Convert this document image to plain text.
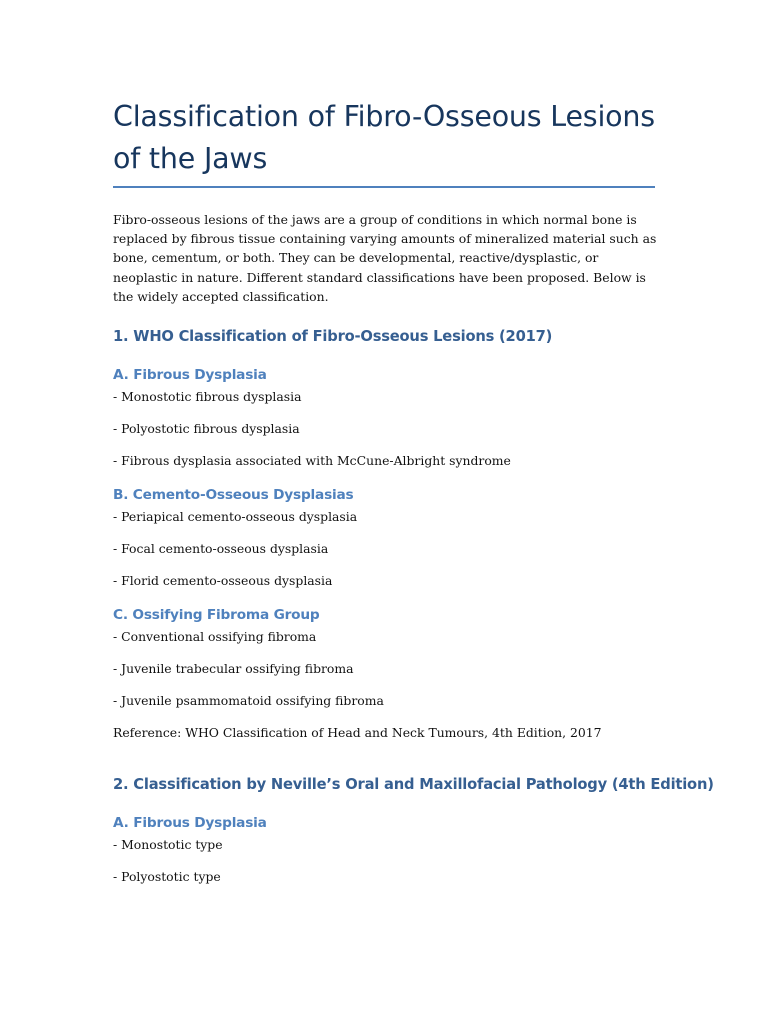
Classification of Fibro-Osseous Lesions
of the Jaws

Fibro-osseous lesions of the jaws are a group of conditions in which normal bone is replaced by fibrous tissue containing varying amounts of mineralized material such as bone, cementum, or both. They can be developmental, reactive/dysplastic, or neoplastic in nature. Different standard classifications have been proposed. Below is the widely accepted classification.

1. WHO Classification of Fibro-Osseous Lesions (2017)
A. Fibrous Dysplasia

- Monostotic fibrous dysplasia

- Polyostotic fibrous dysplasia

- Fibrous dysplasia associated with McCune-Albright syndrome

B. Cemento-Osseous Dysplasias

- Periapical cemento-osseous dysplasia

- Focal cemento-osseous dysplasia

- Florid cemento-osseous dysplasia

C. Ossifying Fibroma Group

- Conventional ossifying fibroma

- Juvenile trabecular ossifying fibroma

- Juvenile psammomatoid ossifying fibroma

Reference: WHO Classification of Head and Neck Tumours, 4th Edition, 2017

2. Classification by Neville’s Oral and Maxillofacial Pathology (4th Edition)
A. Fibrous Dysplasia

- Monostotic type

- Polyostotic type
